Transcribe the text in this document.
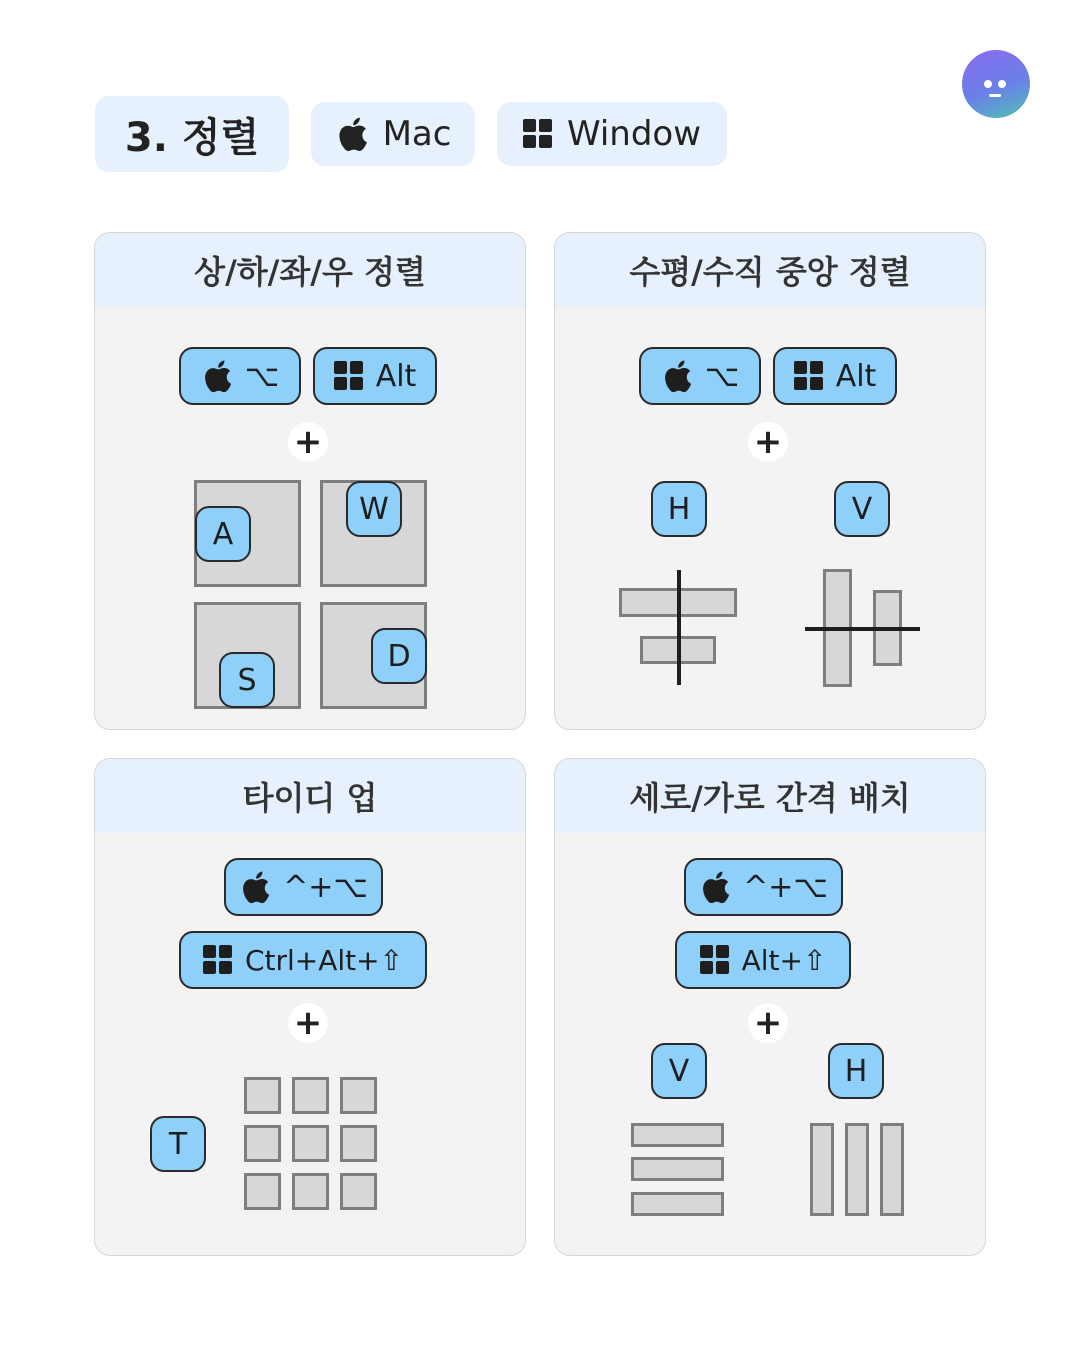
3. 정렬	Mac	Window
상/하/좌/우 정렬
⌥	Alt
+
A
W
S
D
수평/수직 중앙 정렬
⌥	Alt
+
H	V
타이디 업
^+⌥
Ctrl+Alt+⇧
+
T
세로/가로 간격 배치
^+⌥
Alt+⇧
+
V	H
